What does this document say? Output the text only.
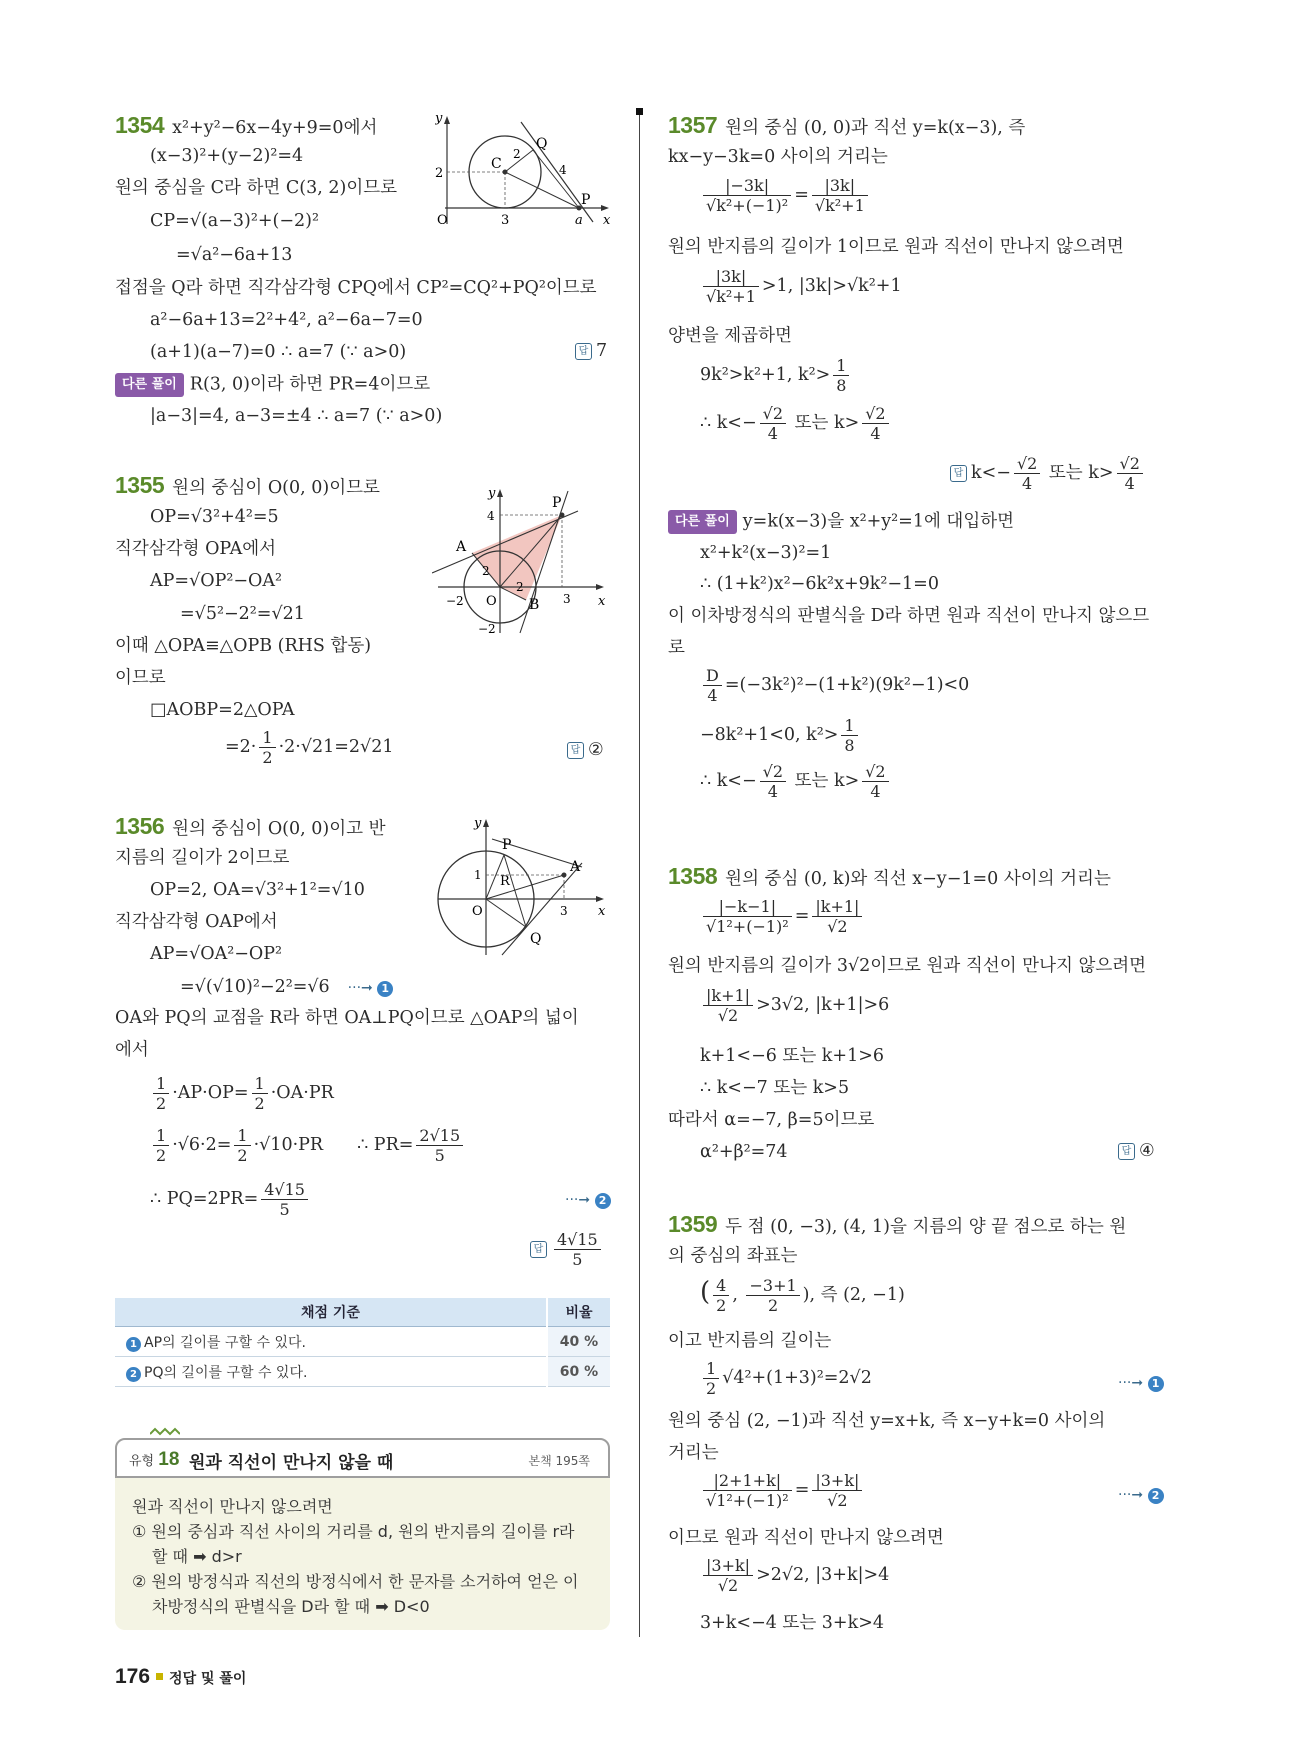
1354 x²+y²−6x−4y+9=0에서
(x−3)²+(y−2)²=4
원의 중심을 C라 하면 C(3, 2)이므로
CP=√(a−3)²+(−2)²
=√a²−6a+13
접점을 Q라 하면 직각삼각형 CPQ에서 CP²=CQ²+PQ²이므로
a²−6a+13=2²+4², a²−6a−7=0
(a+1)(a−7)=0 ∴ a=7 (∵ a>0)	답 7
다른 풀이 R(3, 0)이라 하면 PR=4이므로
|a−3|=4, a−3=±4 ∴ a=7 (∵ a>0)
y
x
O
2
3	a
C
Q
P
2
4
1355 원의 중심이 O(0, 0)이므로
OP=√3²+4²=5
직각삼각형 OPA에서
AP=√OP²−OA²
=√5²−2²=√21
이때 △OPA≡△OPB (RHS 합동)
이므로
□AOBP=2△OPA
$=2\cdot \frac{1}{2} \cdot 2\cdot√21=2√21$	답 ②
y
x
O
4
−2
−2
3
A
B
P
2
2
1356 원의 중심이 O(0, 0)이고 반
지름의 길이가 2이므로
OP=2, OA=√3²+1²=√10
직각삼각형 OAP에서
AP=√OA²−OP²
=√(√10)²−2²=√6 ···➞ 1
OA와 PQ의 교점을 R라 하면 OA⊥PQ이므로 △OAP의 넓이
에서
$\frac{1}{2} \cdot AP\cdot OP= \frac{1}{2} \cdot OA\cdot PR$
$\frac{1}{2} \cdot√6\cdot 2= \frac{1}{2} \cdot√10\cdot PR$ ∴ $PR= \frac{2√15}{5}$
∴ $PQ=2PR= \frac{4√15}{5}$	···➞ 2
답 $\frac{4√15}{5}$
y
x
O
1
3
A
P
Q
R
채점 기준	비율
1 AP의 길이를 구할 수 있다.	40 %
2 PQ의 길이를 구할 수 있다.	60 %
유형 18 원과 직선이 만나지 않을 때	본책 195쪽
원과 직선이 만나지 않으려면
① 원의 중심과 직선 사이의 거리를 d, 원의 반지름의 길이를 r라
할 때 ➡ d>r
② 원의 방정식과 직선의 방정식에서 한 문자를 소거하여 얻은 이
차방정식의 판별식을 D라 할 때 ➡ D<0
1357 원의 중심 (0, 0)과 직선 y=k(x−3), 즉
kx−y−3k=0 사이의 거리는
$\frac{|-3k|}{\text{√k²+(−1)²}} = \frac{|3k|}{\text{√k²+1}}$
원의 반지름의 길이가 1이므로 원과 직선이 만나지 않으려면
$\frac{|3k|}{\text{√k²+1}} >1$, |3k|>√k²+1
양변을 제곱하면
9k²>k²+1, $k^2> \frac{1}{8}$
∴ $k<- \frac{√2}{4}$ 또는 $k> \frac{√2}{4}$
답 $k<- \frac{√2}{4}$ 또는 $k> \frac{√2}{4}$
다른 풀이 y=k(x−3)을 x²+y²=1에 대입하면
x²+k²(x−3)²=1
∴ (1+k²)x²−6k²x+9k²−1=0
이 이차방정식의 판별식을 D라 하면 원과 직선이 만나지 않으므
로
$\frac{D}{4} =(-3k^2)^2-(1+k^2)(9k^2-1)<0$
−8k²+1<0, $k^2> \frac{1}{8}$
∴ $k<- \frac{√2}{4}$ 또는 $k> \frac{√2}{4}$
1358 원의 중심 (0, k)와 직선 x−y−1=0 사이의 거리는
$\frac{|-k-1|}{\text{√1²+(−1)²}} = \frac{|k+1|}{√2}$
원의 반지름의 길이가 3√2이므로 원과 직선이 만나지 않으려면
$\frac{|k+1|}{√2} >3√2$, |k+1|>6
k+1<−6 또는 k+1>6
∴ k<−7 또는 k>5
따라서 α=−7, β=5이므로
α²+β²=74	답 ④
1359 두 점 (0, −3), (4, 1)을 지름의 양 끝 점으로 하는 원
의 중심의 좌표는
( $\frac{4}{2}$ , $\frac{-3+1}{2}$ ), 즉 (2, −1)
이고 반지름의 길이는
$\frac{1}{2} √4^2+(1+3)^2=2√2$	···➞ 1
원의 중심 (2, −1)과 직선 y=x+k, 즉 x−y+k=0 사이의
거리는
$\frac{|2+1+k|}{\text{√1²+(−1)²}} = \frac{|3+k|}{√2}$	···➞ 2
이므로 원과 직선이 만나지 않으려면
$\frac{|3+k|}{√2} >2√2$, |3+k|>4
3+k<−4 또는 3+k>4
176 정답 및 풀이
